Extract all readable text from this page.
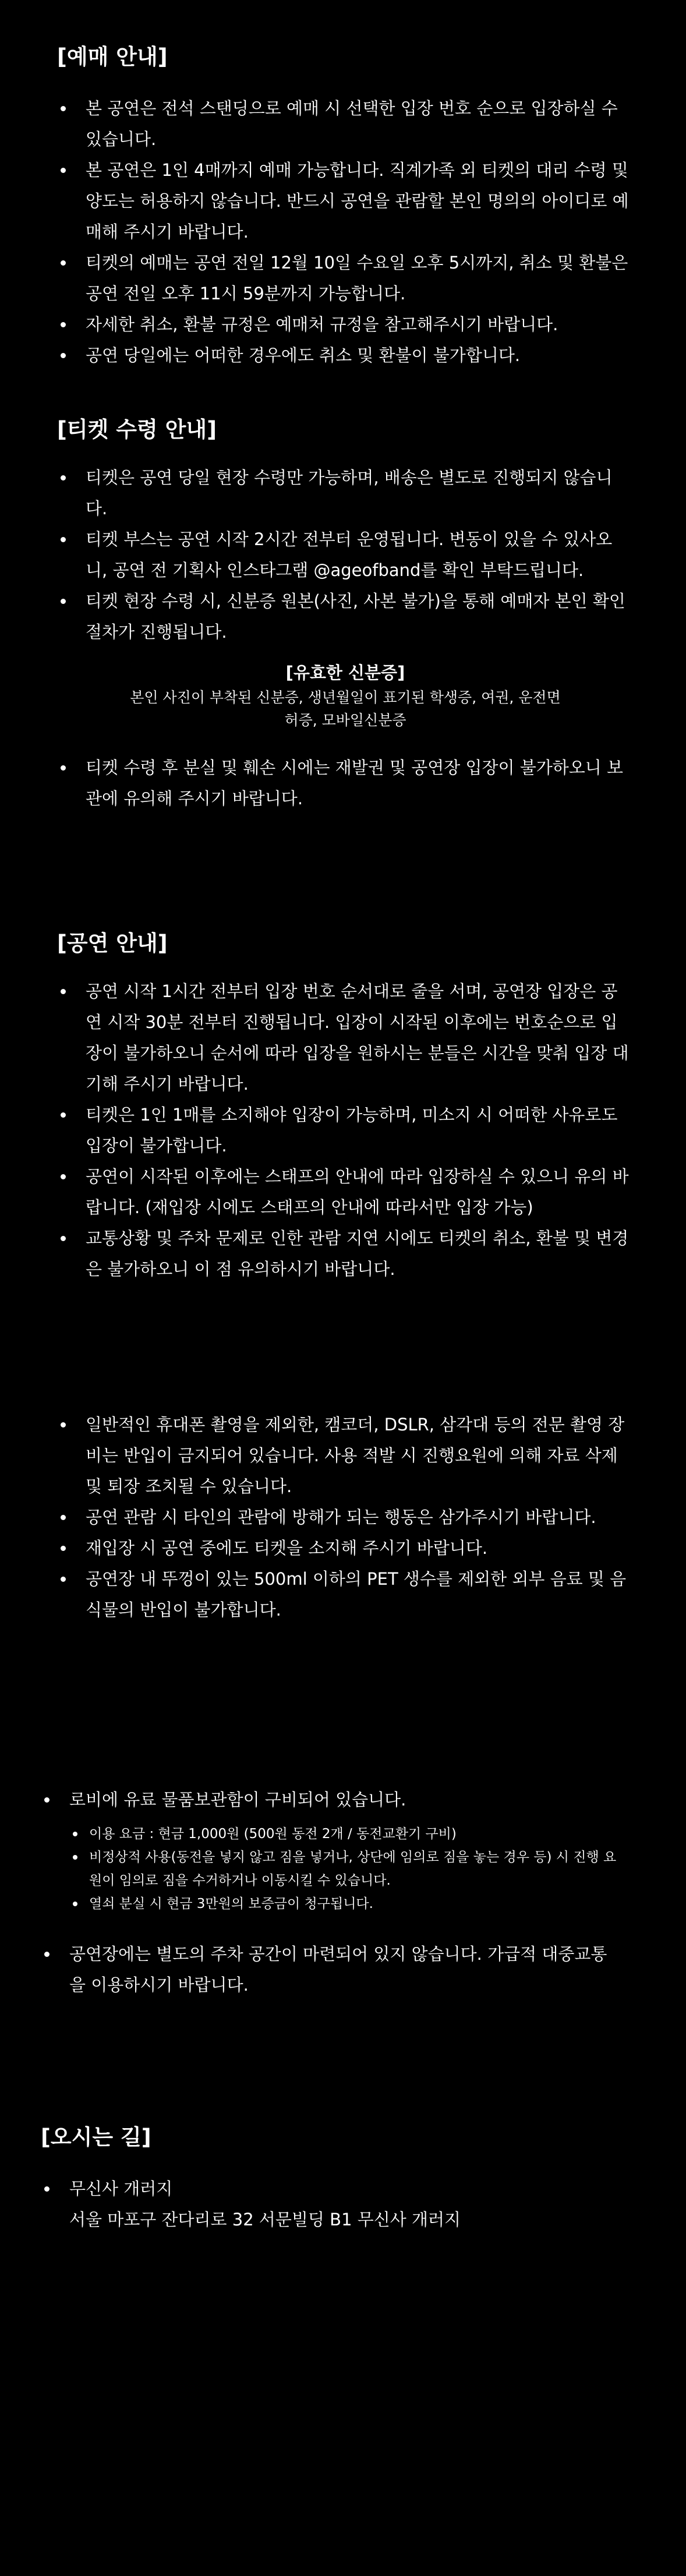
[예매 안내]
본 공연은 전석 스탠딩으로 예매 시 선택한 입장 번호 순으로 입장하실 수 있습니다.
본 공연은 1인 4매까지 예매 가능합니다. 직계가족 외 티켓의 대리 수령 및 양도는 허용하지 않습니다. 반드시 공연을 관람할 본인 명의의 아이디로 예매해 주시기 바랍니다.
티켓의 예매는 공연 전일 12월 10일 수요일 오후 5시까지, 취소 및 환불은 공연 전일 오후 11시 59분까지 가능합니다.
자세한 취소, 환불 규정은 예매처 규정을 참고해주시기 바랍니다.
공연 당일에는 어떠한 경우에도 취소 및 환불이 불가합니다.
[티켓 수령 안내]
티켓은 공연 당일 현장 수령만 가능하며, 배송은 별도로 진행되지 않습니다.
티켓 부스는 공연 시작 2시간 전부터 운영됩니다. 변동이 있을 수 있사오니, 공연 전 기획사 인스타그램 @ageofband를 확인 부탁드립니다.
티켓 현장 수령 시, 신분증 원본(사진, 사본 불가)을 통해 예매자 본인 확인 절차가 진행됩니다.
[유효한 신분증]
본인 사진이 부착된 신분증, 생년월일이 표기된 학생증, 여권, 운전면허증, 모바일신분증
티켓 수령 후 분실 및 훼손 시에는 재발권 및 공연장 입장이 불가하오니 보관에 유의해 주시기 바랍니다.
[공연 안내]
공연 시작 1시간 전부터 입장 번호 순서대로 줄을 서며, 공연장 입장은 공연 시작 30분 전부터 진행됩니다. 입장이 시작된 이후에는 번호순으로 입장이 불가하오니 순서에 따라 입장을 원하시는 분들은 시간을 맞춰 입장 대기해 주시기 바랍니다.
티켓은 1인 1매를 소지해야 입장이 가능하며, 미소지 시 어떠한 사유로도 입장이 불가합니다.
공연이 시작된 이후에는 스태프의 안내에 따라 입장하실 수 있으니 유의 바랍니다. (재입장 시에도 스태프의 안내에 따라서만 입장 가능)
교통상황 및 주차 문제로 인한 관람 지연 시에도 티켓의 취소, 환불 및 변경은 불가하오니 이 점 유의하시기 바랍니다.
일반적인 휴대폰 촬영을 제외한, 캠코더, DSLR, 삼각대 등의 전문 촬영 장비는 반입이 금지되어 있습니다. 사용 적발 시 진행요원에 의해 자료 삭제 및 퇴장 조치될 수 있습니다.
공연 관람 시 타인의 관람에 방해가 되는 행동은 삼가주시기 바랍니다.
재입장 시 공연 중에도 티켓을 소지해 주시기 바랍니다.
공연장 내 뚜껑이 있는 500ml 이하의 PET 생수를 제외한 외부 음료 및 음식물의 반입이 불가합니다.
로비에 유료 물품보관함이 구비되어 있습니다.
이용 요금 : 현금 1,000원 (500원 동전 2개 / 동전교환기 구비)
비정상적 사용(동전을 넣지 않고 짐을 넣거나, 상단에 임의로 짐을 놓는 경우 등) 시 진행 요원이 임의로 짐을 수거하거나 이동시킬 수 있습니다.
열쇠 분실 시 현금 3만원의 보증금이 청구됩니다.
공연장에는 별도의 주차 공간이 마련되어 있지 않습니다. 가급적 대중교통을 이용하시기 바랍니다.
[오시는 길]
무신사 개러지
서울 마포구 잔다리로 32 서문빌딩 B1 무신사 개러지
